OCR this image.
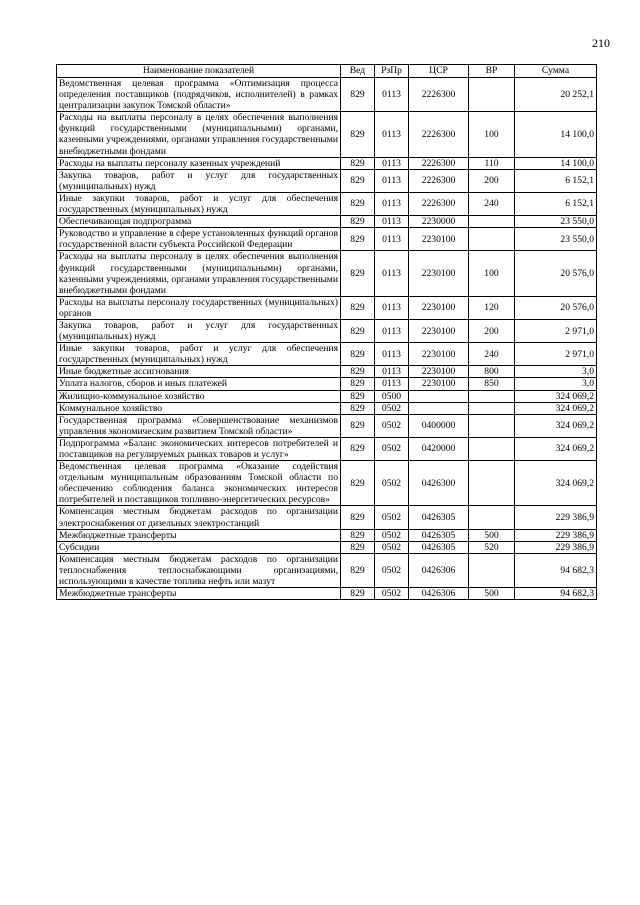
210
Наименование показателей	Вед	РзПр	ЦСР	ВР	Сумма
Ведомственная целевая программа «Оптимизация процесса определения поставщиков (подрядчиков, исполнителей) в рамках централизации закупок Томской области»	829	0113	2226300		20 252,1
Расходы на выплаты персоналу в целях обеспечения выполнения функций государственными (муниципальными) органами, казенными учреждениями, органами управления государственными внебюджетными фондами	829	0113	2226300	100	14 100,0
Расходы на выплаты персоналу казенных учреждений	829	0113	2226300	110	14 100,0
Закупка товаров, работ и услуг для государственных (муниципальных) нужд	829	0113	2226300	200	6 152,1
Иные закупки товаров, работ и услуг для обеспечения государственных (муниципальных) нужд	829	0113	2226300	240	6 152,1
Обеспечивающая подпрограмма	829	0113	2230000		23 550,0
Руководство и управление в сфере установленных функций органов государственной власти субъекта Российской Федерации	829	0113	2230100		23 550,0
Расходы на выплаты персоналу в целях обеспечения выполнения функций государственными (муниципальными) органами, казенными учреждениями, органами управления государственными внебюджетными фондами	829	0113	2230100	100	20 576,0
Расходы на выплаты персоналу государственных (муниципальных) органов	829	0113	2230100	120	20 576,0
Закупка товаров, работ и услуг для государственных (муниципальных) нужд	829	0113	2230100	200	2 971,0
Иные закупки товаров, работ и услуг для обеспечения государственных (муниципальных) нужд	829	0113	2230100	240	2 971,0
Иные бюджетные ассигнования	829	0113	2230100	800	3,0
Уплата налогов, сборов и иных платежей	829	0113	2230100	850	3,0
Жилищно-коммунальное хозяйство	829	0500			324 069,2
Коммунальное хозяйство	829	0502			324 069,2
Государственная программа «Совершенствование механизмов управления экономическим развитием Томской области»	829	0502	0400000		324 069,2
Подпрограмма «Баланс экономических интересов потребителей и поставщиков на регулируемых рынках товаров и услуг»	829	0502	0420000		324 069,2
Ведомственная целевая программа «Оказание содействия отдельным муниципальным образованиям Томской области по обеспечению соблюдения баланса экономических интересов потребителей и поставщиков топливно-энергетических ресурсов»	829	0502	0426300		324 069,2
Компенсация местным бюджетам расходов по организации электроснабжения от дизельных электростанций	829	0502	0426305		229 386,9
Межбюджетные трансферты	829	0502	0426305	500	229 386,9
Субсидии	829	0502	0426305	520	229 386,9
Компенсация местным бюджетам расходов по организации теплоснабжения теплоснабжающими организациями, использующими в качестве топлива нефть или мазут	829	0502	0426306		94 682,3
Межбюджетные трансферты	829	0502	0426306	500	94 682,3
